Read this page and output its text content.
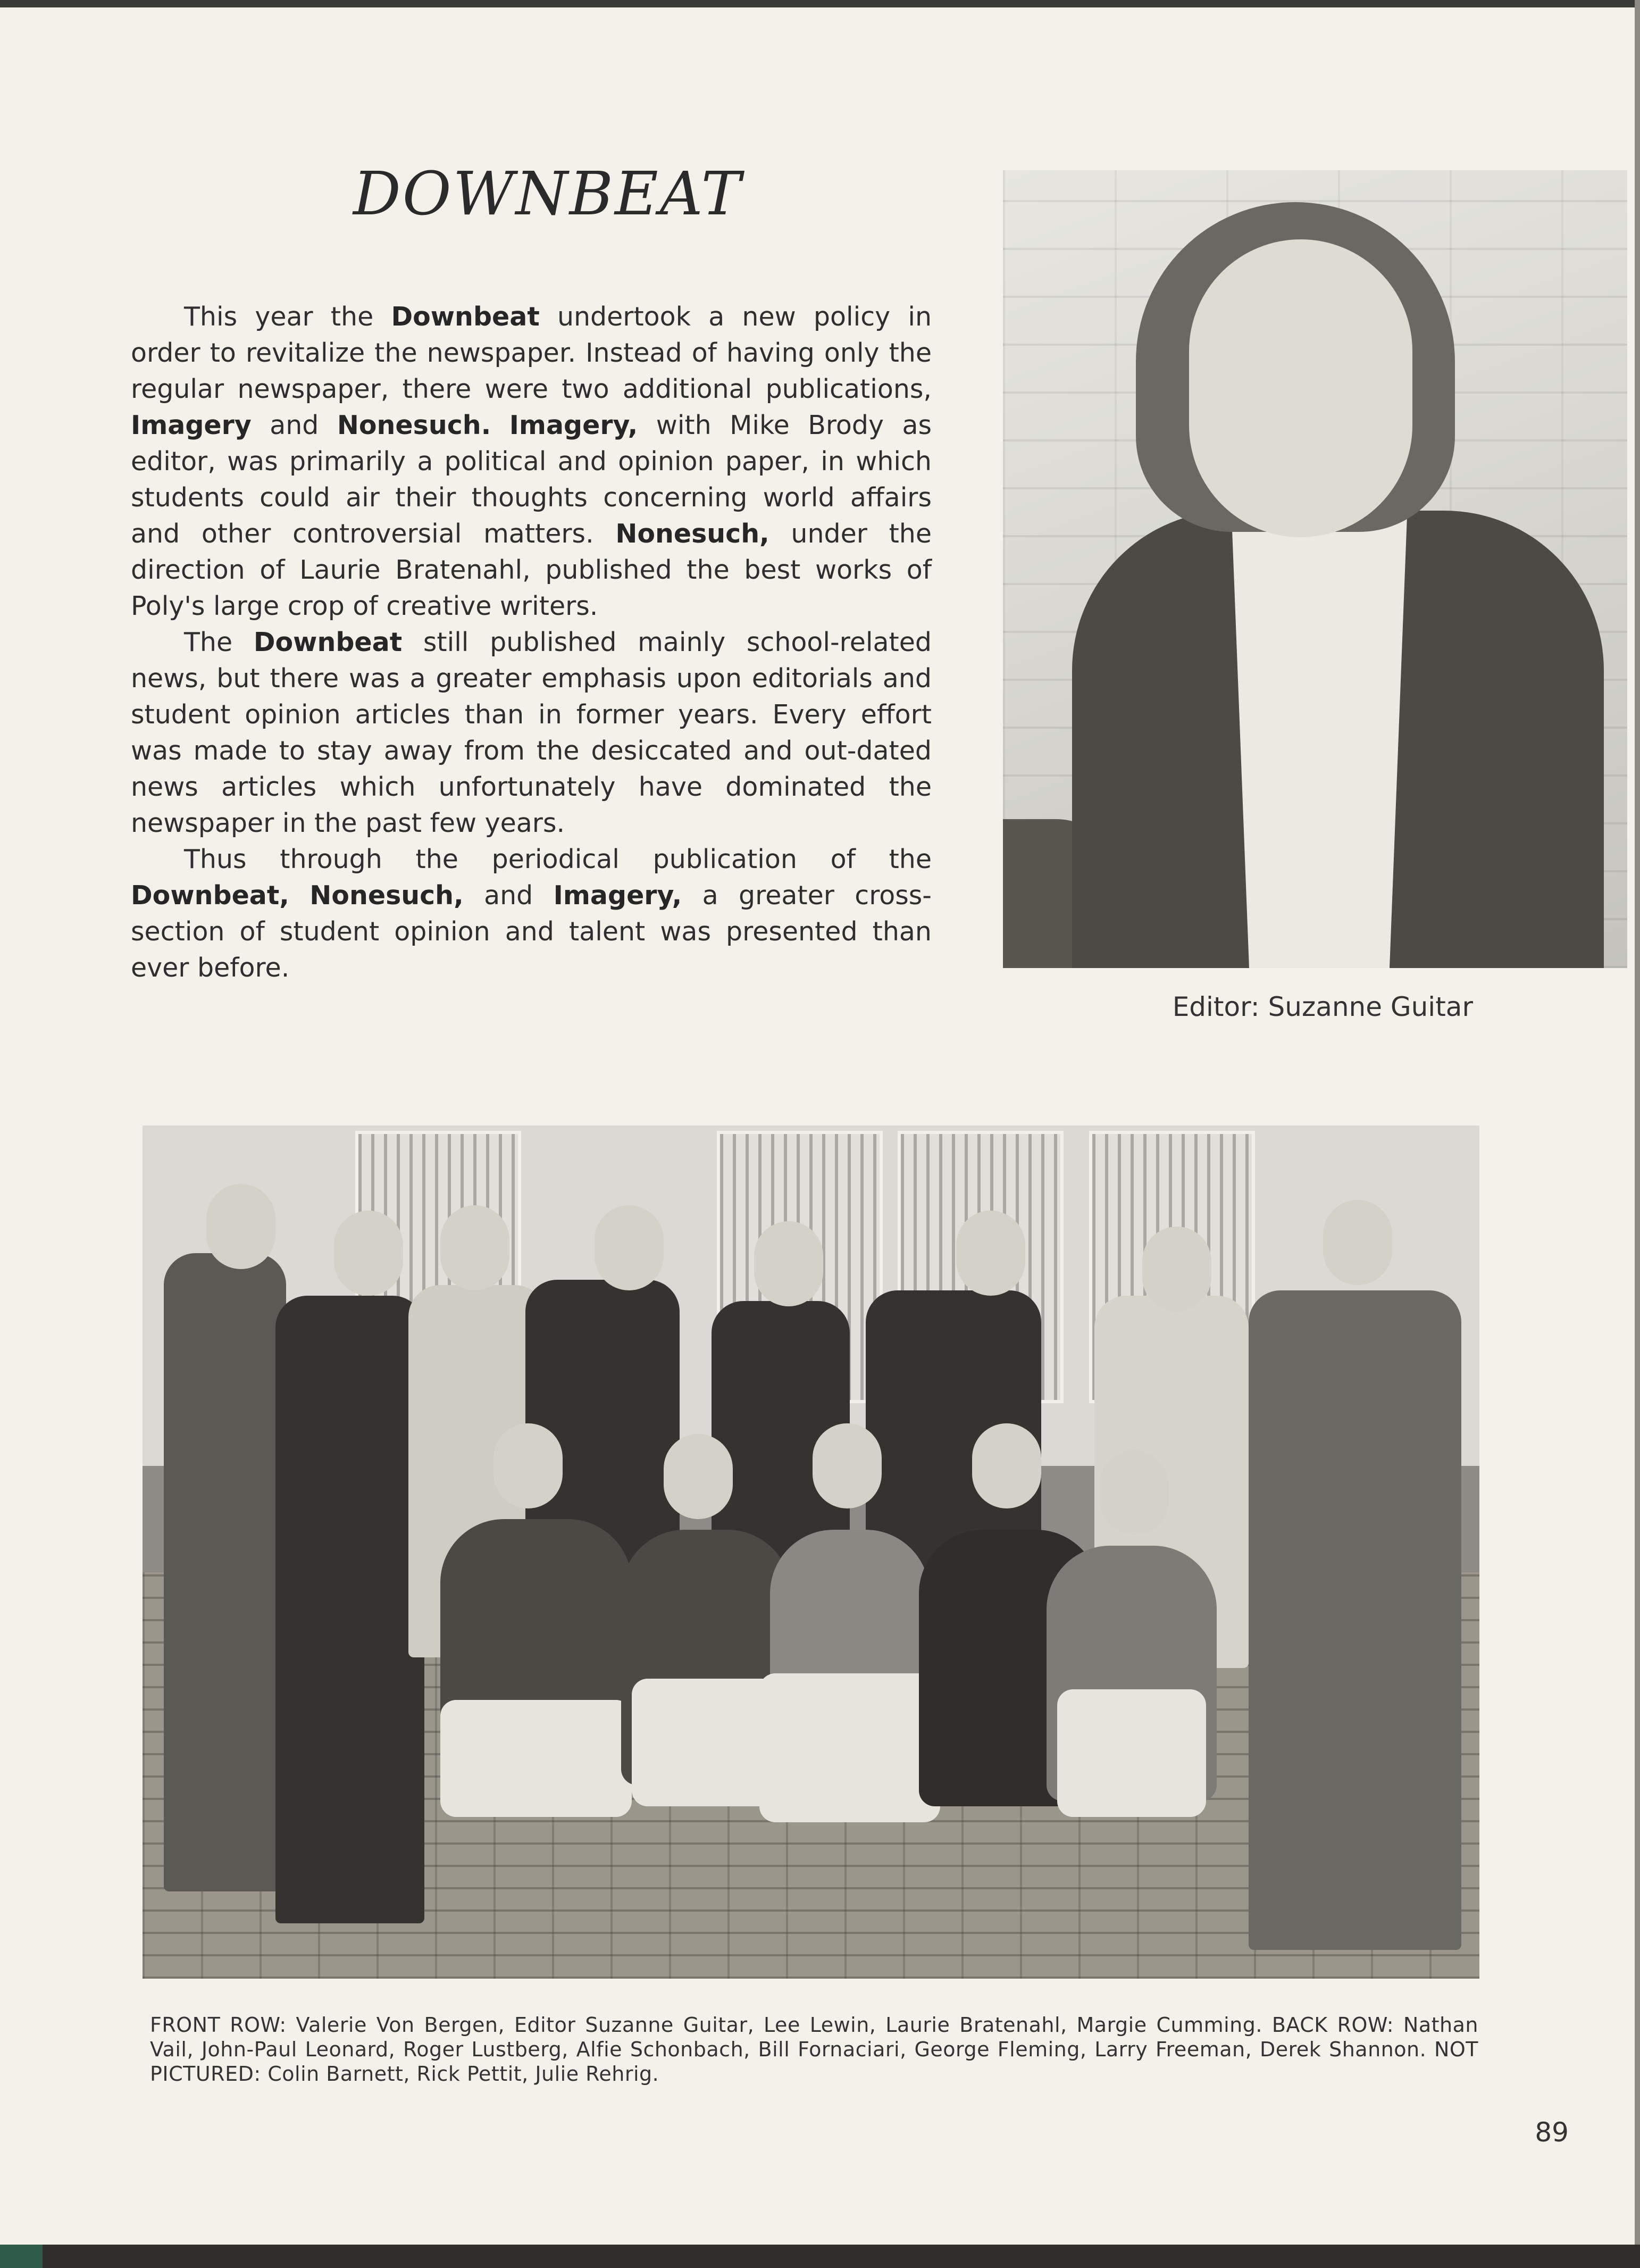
DOWNBEAT

This year the Downbeat undertook a new policy in order to revitalize the newspaper. Instead of having only the regular newspaper, there were two additional publications, Imagery and Nonesuch. Imagery, with Mike Brody as editor, was primarily a political and opinion paper, in which students could air their thoughts concerning world affairs and other controversial matters. Nonesuch, under the direction of Laurie Bratenahl, published the best works of Poly's large crop of creative writers.

The Downbeat still published mainly school-related news, but there was a greater emphasis upon editorials and student opinion articles than in former years. Every effort was made to stay away from the desiccated and out-dated news articles which unfortunately have dominated the newspaper in the past few years.

Thus through the periodical publication of the Downbeat, Nonesuch, and Imagery, a greater cross-section of student opinion and talent was presented than ever before.

Editor: Suzanne Guitar
FRONT ROW: Valerie Von Bergen, Editor Suzanne Guitar, Lee Lewin, Laurie Bratenahl, Margie Cumming. BACK ROW: Nathan Vail, John-Paul Leonard, Roger Lustberg, Alfie Schonbach, Bill Fornaciari, George Fleming, Larry Freeman, Derek Shannon. NOT PICTURED: Colin Barnett, Rick Pettit, Julie Rehrig.
89
